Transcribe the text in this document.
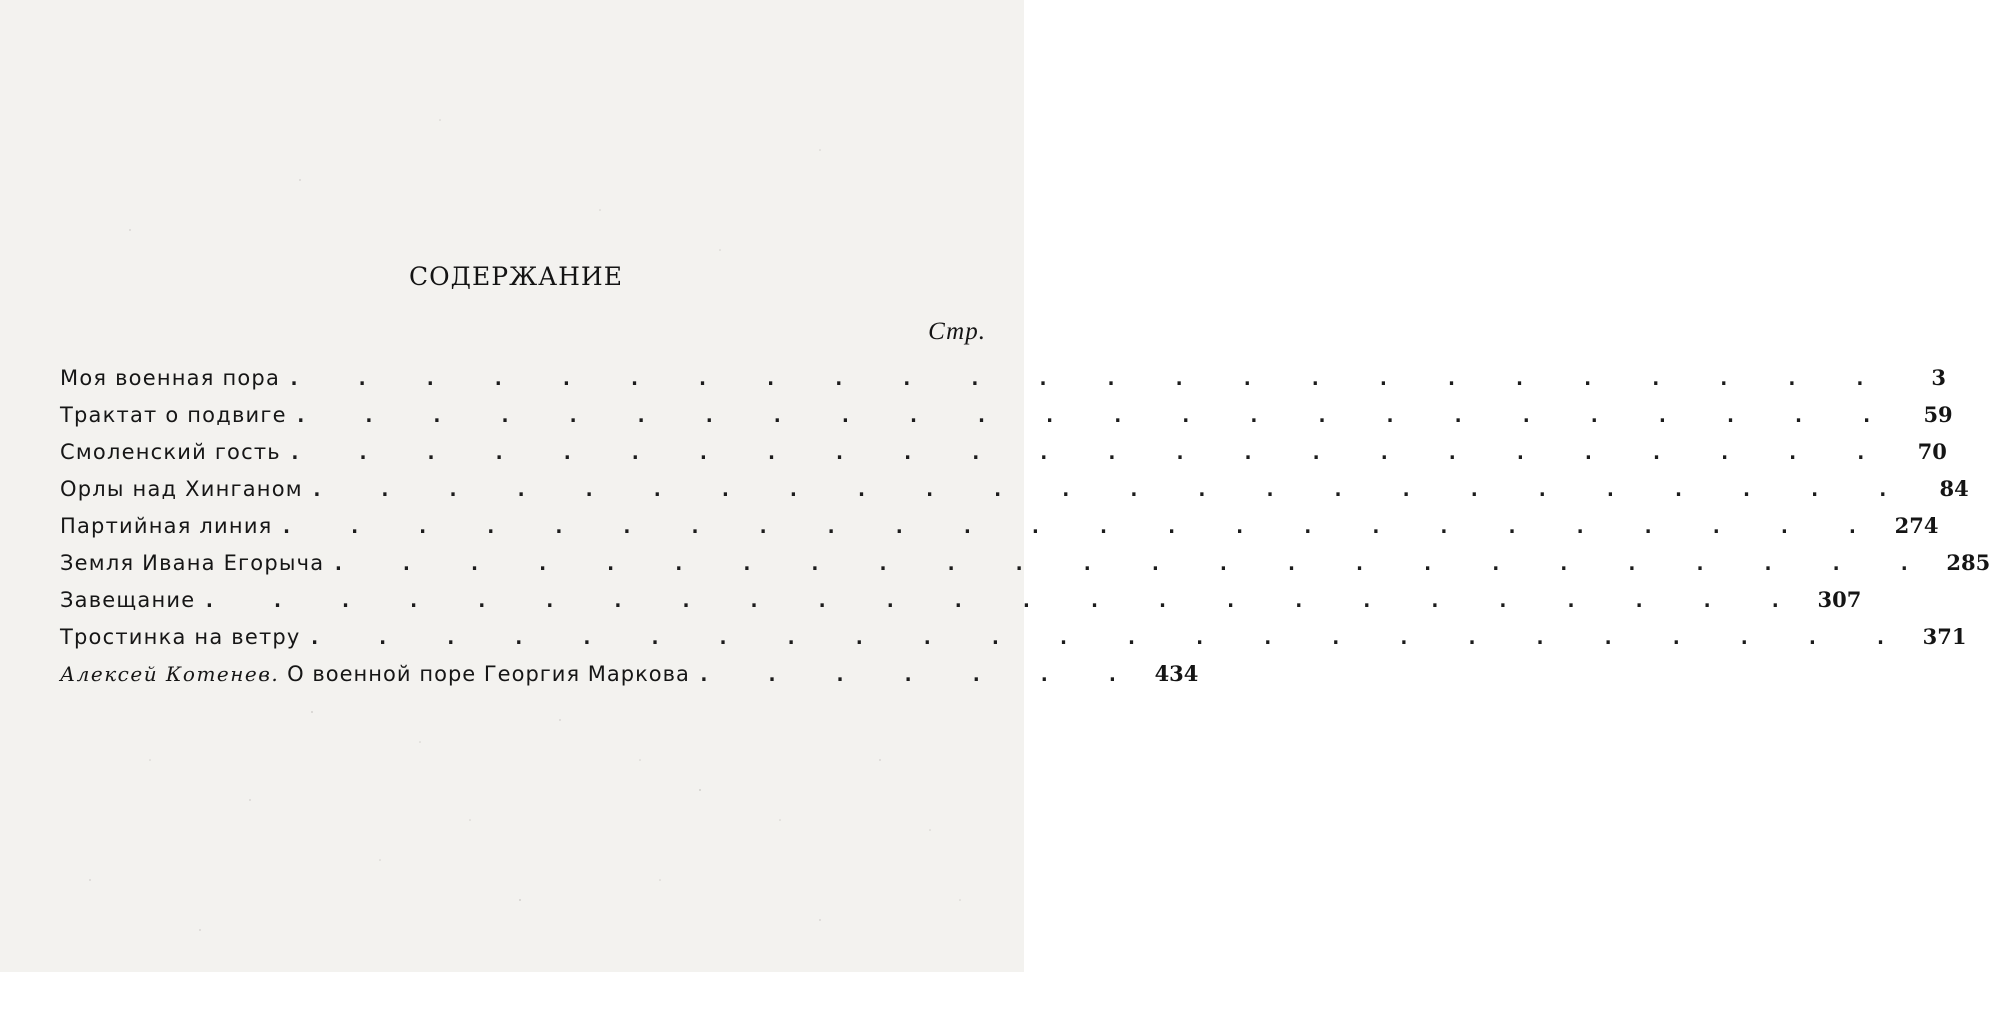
СОДЕРЖАНИЕ
Стр.
Моя военная пора . . . . . . . . . . . . . . . . . . . . . . . .	3
Трактат о подвиге . . . . . . . . . . . . . . . . . . . . . . . .	59
Смоленский гость . . . . . . . . . . . . . . . . . . . . . . . .	70
Орлы над Хинганом . . . . . . . . . . . . . . . . . . . . . . . .	84
Партийная линия . . . . . . . . . . . . . . . . . . . . . . . . 274
Земля Ивана Егорыча . . . . . . . . . . . . . . . . . . . . . . . . 285
Завещание . . . . . . . . . . . . . . . . . . . . . . . . 307
Тростинка на ветру . . . . . . . . . . . . . . . . . . . . . . . . 371
Алексей Котенев. О военной поре Георгия Маркова . . . . . . . 434
